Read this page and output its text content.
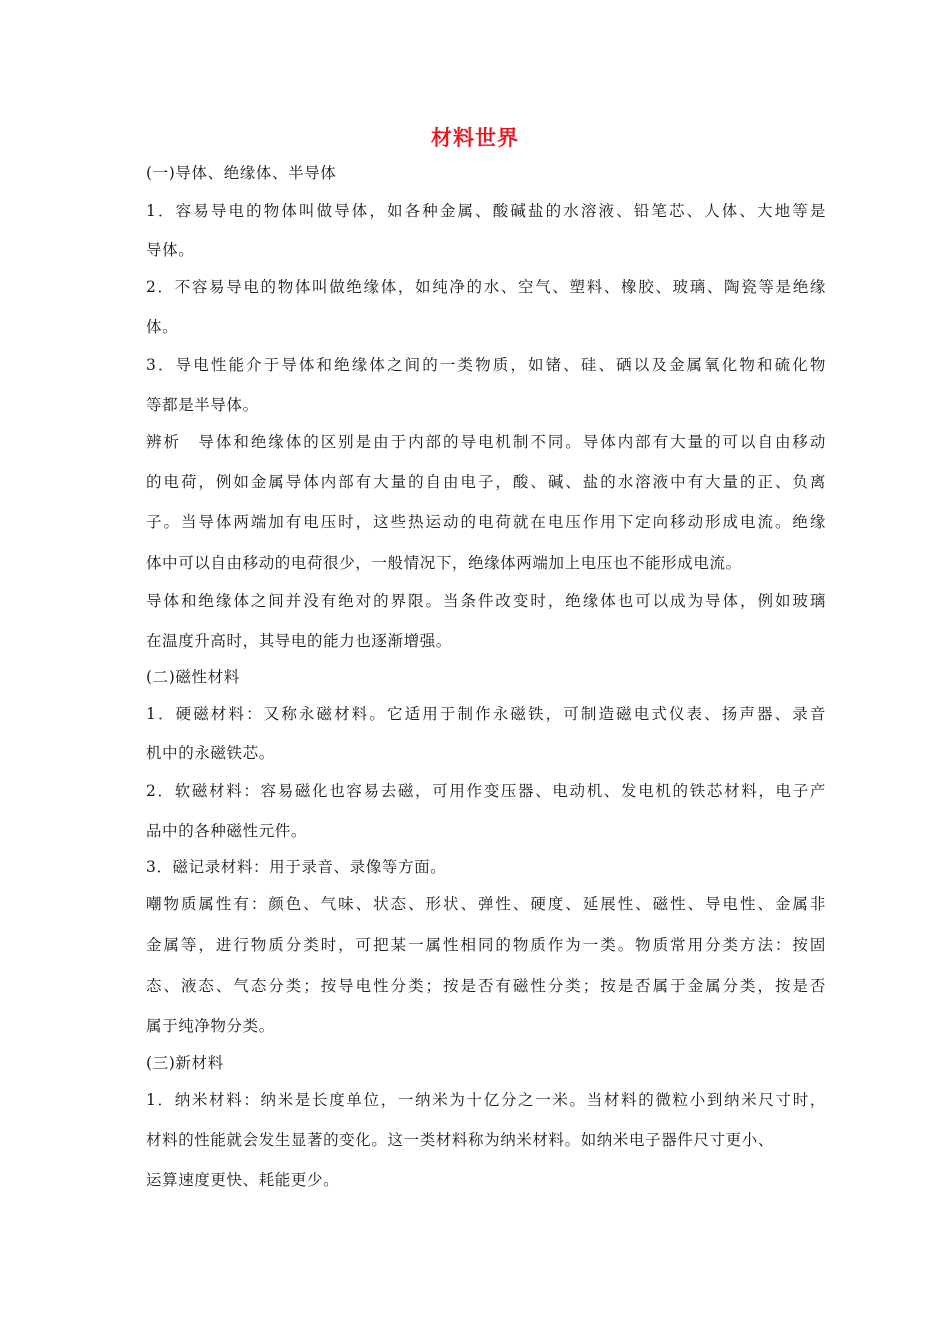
材料世界
(一)导体、绝缘体、半导体
1．容易导电的物体叫做导体，如各种金属、酸碱盐的水溶液、铅笔芯、人体、大地等是
导体。
2．不容易导电的物体叫做绝缘体，如纯净的水、空气、塑料、橡胶、玻璃、陶瓷等是绝缘
体。
3．导电性能介于导体和绝缘体之间的一类物质，如锗、硅、硒以及金属氧化物和硫化物
等都是半导体。
辨析　导体和绝缘体的区别是由于内部的导电机制不同。导体内部有大量的可以自由移动
的电荷，例如金属导体内部有大量的自由电子，酸、碱、盐的水溶液中有大量的正、负离
子。当导体两端加有电压时，这些热运动的电荷就在电压作用下定向移动形成电流。绝缘
体中可以自由移动的电荷很少，一般情况下，绝缘体两端加上电压也不能形成电流。
导体和绝缘体之间并没有绝对的界限。当条件改变时，绝缘体也可以成为导体，例如玻璃
在温度升高时，其导电的能力也逐渐增强。
(二)磁性材料
1．硬磁材料：又称永磁材料。它适用于制作永磁铁，可制造磁电式仪表、扬声器、录音
机中的永磁铁芯。
2．软磁材料：容易磁化也容易去磁，可用作变压器、电动机、发电机的铁芯材料，电子产
品中的各种磁性元件。
3．磁记录材料：用于录音、录像等方面。
嘲物质属性有：颜色、气味、状态、形状、弹性、硬度、延展性、磁性、导电性、金属非
金属等，进行物质分类时，可把某一属性相同的物质作为一类。物质常用分类方法：按固
态、液态、气态分类；按导电性分类；按是否有磁性分类；按是否属于金属分类，按是否
属于纯净物分类。
(三)新材料
1．纳米材料：纳米是长度单位，一纳米为十亿分之一米。当材料的微粒小到纳米尺寸时，
材料的性能就会发生显著的变化。这一类材料称为纳米材料。如纳米电子器件尺寸更小、
运算速度更快、耗能更少。
